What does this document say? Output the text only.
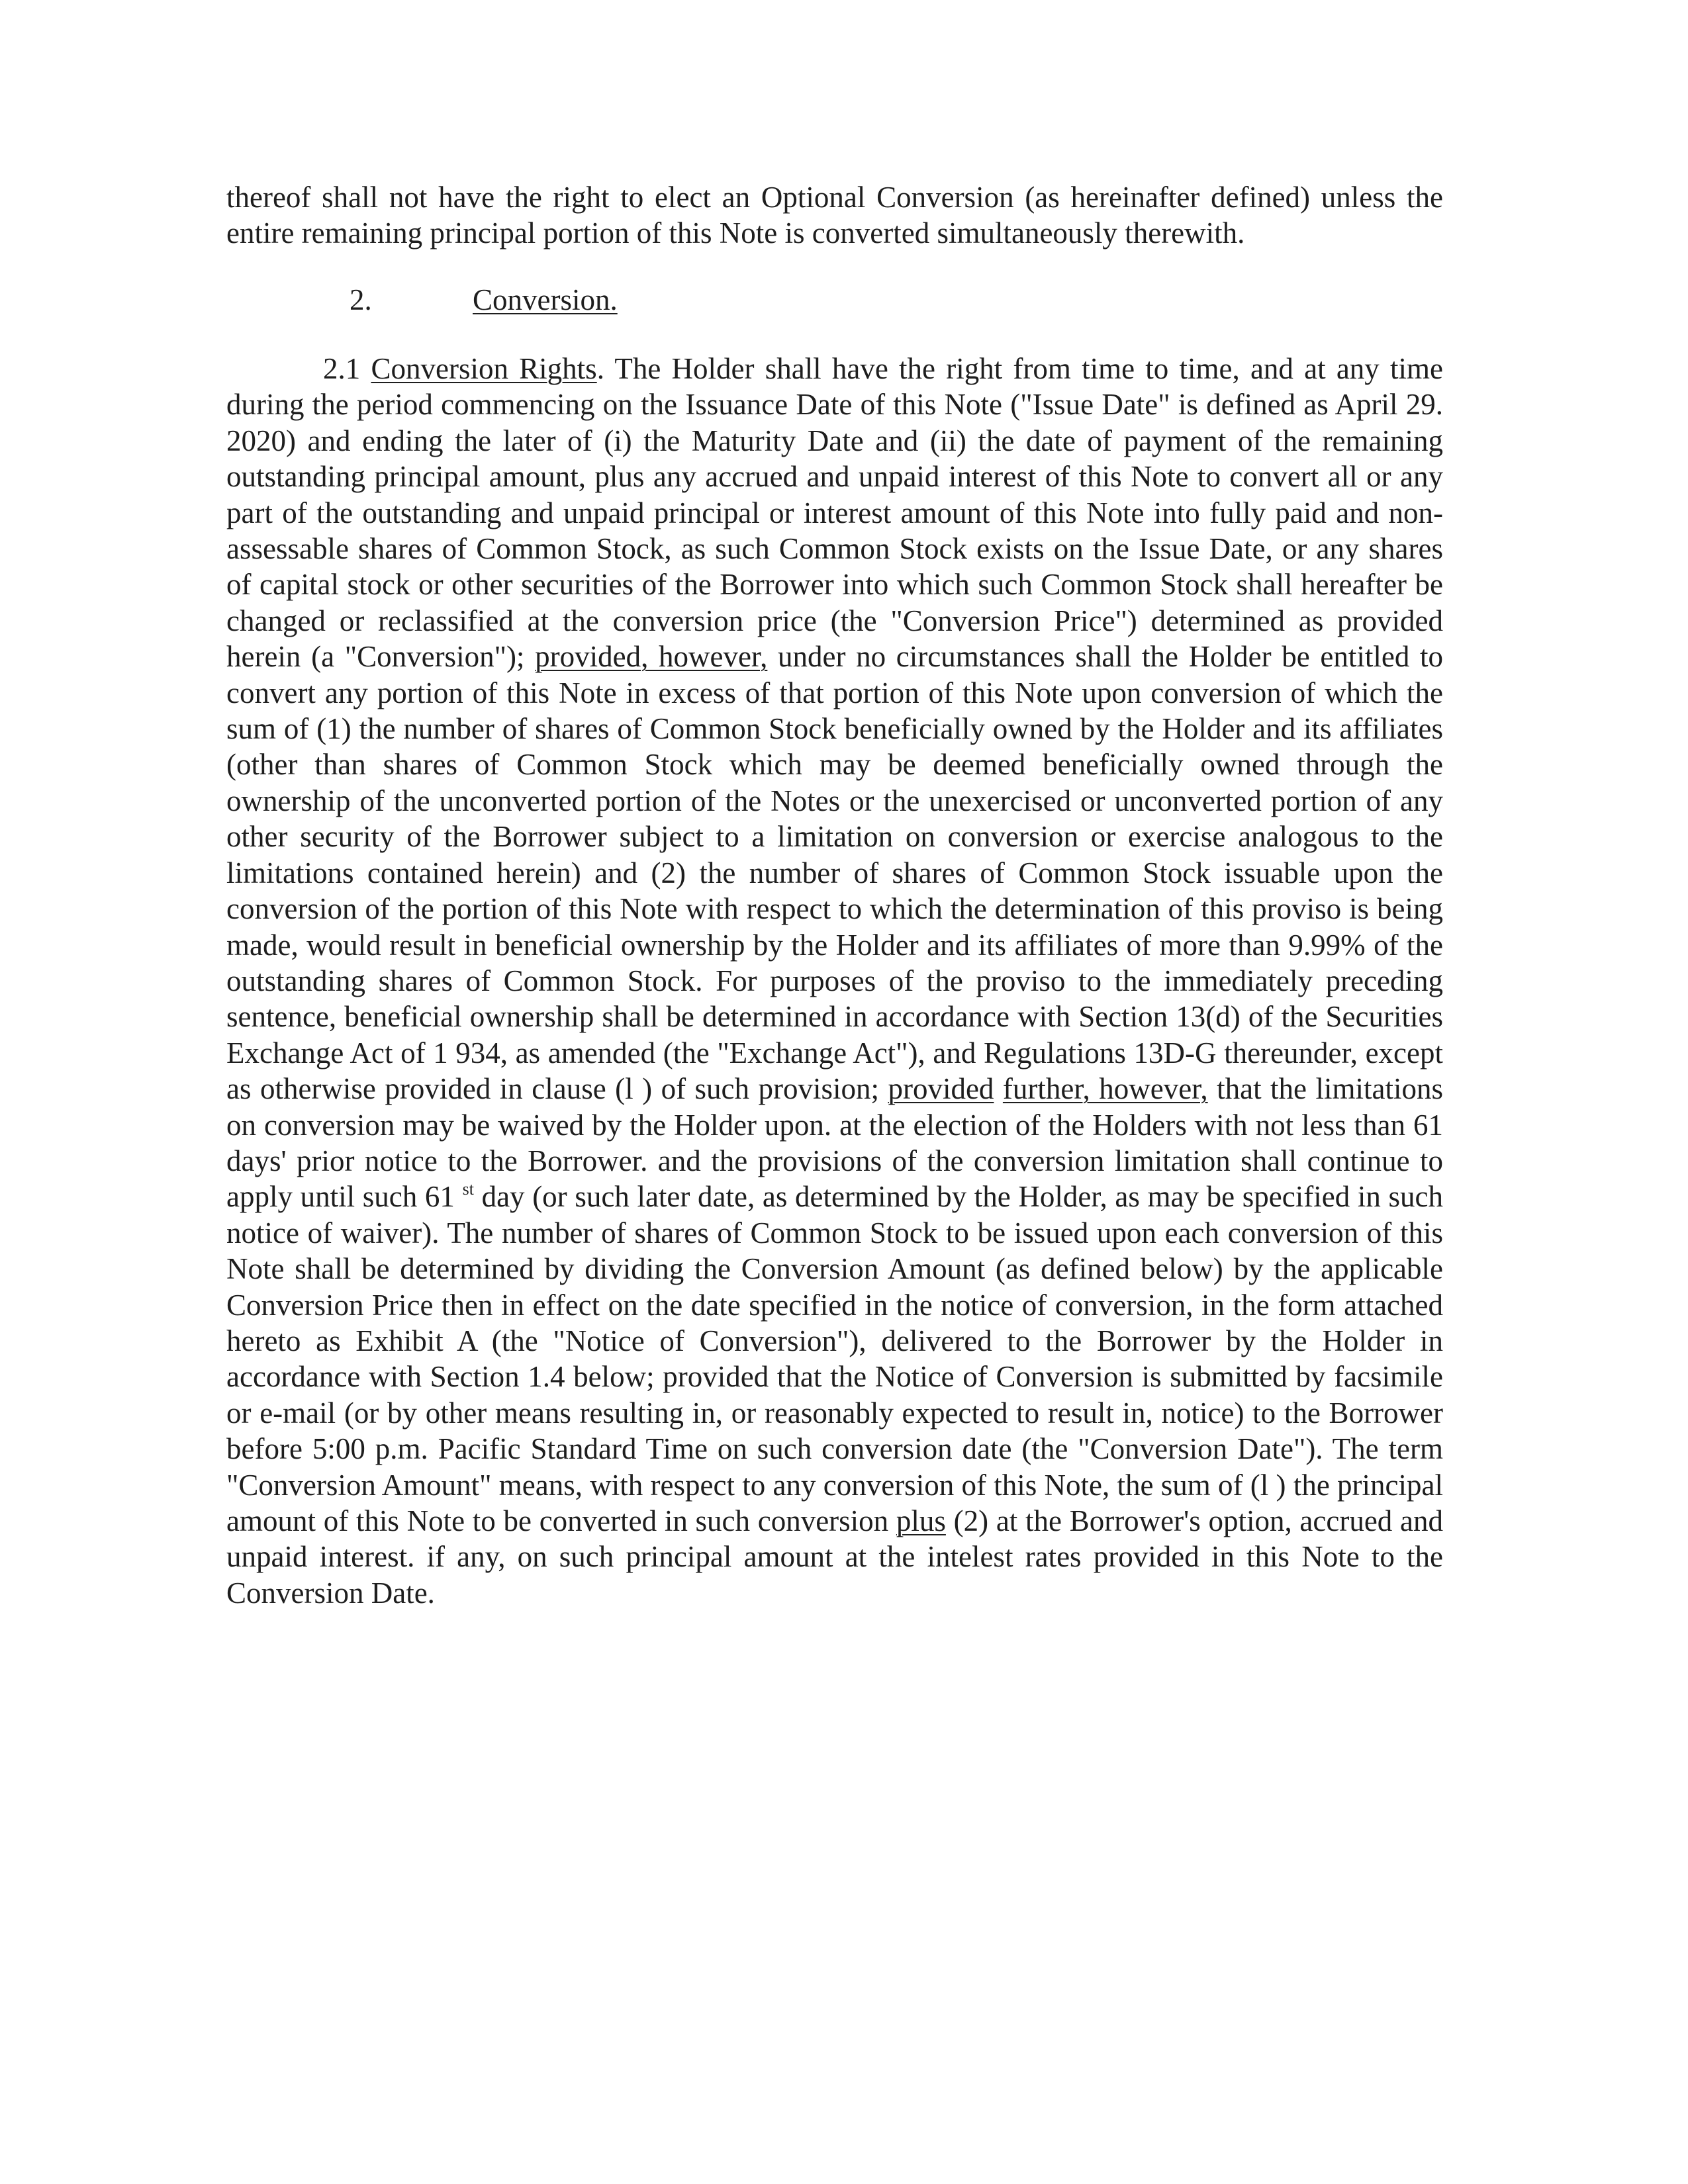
thereof shall not have the right to elect an Optional Conversion (as hereinafter defined) unless the entire remaining principal portion of this Note is converted simultaneously therewith.

2.	Conversion.

2.1 Conversion Rights. The Holder shall have the right from time to time, and at any time during the period commencing on the Issuance Date of this Note ("Issue Date" is defined as April 29. 2020) and ending the later of (i) the Maturity Date and (ii) the date of payment of the remaining outstanding principal amount, plus any accrued and unpaid interest of this Note to convert all or any part of the outstanding and unpaid principal or interest amount of this Note into fully paid and non-assessable shares of Common Stock, as such Common Stock exists on the Issue Date, or any shares of capital stock or other securities of the Borrower into which such Common Stock shall hereafter be changed or reclassified at the conversion price (the "Conversion Price") determined as provided herein (a "Conversion"); provided, however, under no circumstances shall the Holder be entitled to convert any portion of this Note in excess of that portion of this Note upon conversion of which the sum of (1) the number of shares of Common Stock beneficially owned by the Holder and its affiliates (other than shares of Common Stock which may be deemed beneficially owned through the ownership of the unconverted portion of the Notes or the unexercised or unconverted portion of any other security of the Borrower subject to a limitation on conversion or exercise analogous to the limitations contained herein) and (2) the number of shares of Common Stock issuable upon the conversion of the portion of this Note with respect to which the determination of this proviso is being made, would result in beneficial ownership by the Holder and its affiliates of more than 9.99% of the outstanding shares of Common Stock. For purposes of the proviso to the immediately preceding sentence, beneficial ownership shall be determined in accordance with Section 13(d) of the Securities Exchange Act of 1 934, as amended (the "Exchange Act"), and Regulations 13D-G thereunder, except as otherwise provided in clause (l ) of such provision; provided further, however, that the limitations on conversion may be waived by the Holder upon. at the election of the Holders with not less than 61 days' prior notice to the Borrower. and the provisions of the conversion limitation shall continue to apply until such 61 $^{st}$ day (or such later date, as determined by the Holder, as may be specified in such notice of waiver). The number of shares of Common Stock to be issued upon each conversion of this Note shall be determined by dividing the Conversion Amount (as defined below) by the applicable Conversion Price then in effect on the date specified in the notice of conversion, in the form attached hereto as Exhibit A (the "Notice of Conversion"), delivered to the Borrower by the Holder in accordance with Section 1.4 below; provided that the Notice of Conversion is submitted by facsimile or e-mail (or by other means resulting in, or reasonably expected to result in, notice) to the Borrower before 5:00 p.m. Pacific Standard Time on such conversion date (the "Conversion Date"). The term "Conversion Amount" means, with respect to any conversion of this Note, the sum of (l ) the principal amount of this Note to be converted in such conversion plus (2) at the Borrower's option, accrued and unpaid interest. if any, on such principal amount at the intelest rates provided in this Note to the Conversion Date.
